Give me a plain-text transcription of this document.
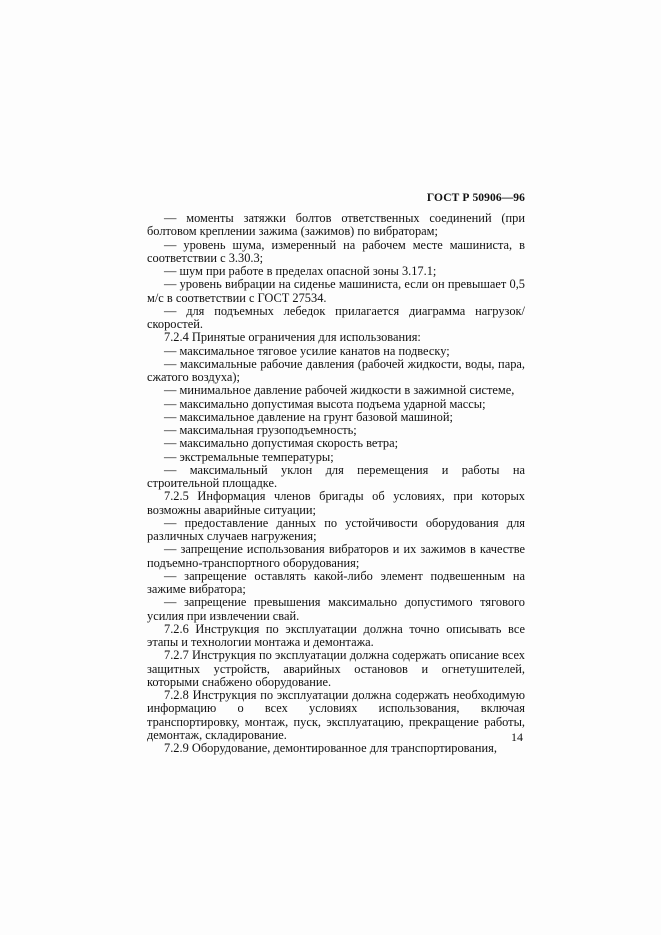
ГОСТ Р 50906—96

— моменты затяжки болтов ответственных соединений (при болтовом креплении зажима (зажимов) по вибраторам;

— уровень шума, измеренный на рабочем месте машиниста, в соответствии с 3.30.3;

— шум при работе в пределах опасной зоны 3.17.1;

— уровень вибрации на сиденье машиниста, если он превышает 0,5 м/с в соответствии с ГОСТ 27534.

— для подъемных лебедок прилагается диаграмма нагрузок/скоростей.

7.2.4 Принятые ограничения для использования:

— максимальное тяговое усилие канатов на подвеску;

— максимальные рабочие давления (рабочей жидкости, воды, пара, сжатого воздуха);

— минимальное давление рабочей жидкости в зажимной системе,

— максимально допустимая высота подъема ударной массы;

— максимальное давление на грунт базовой машиной;

— максимальная грузоподъемность;

— максимально допустимая скорость ветра;

— экстремальные температуры;

— максимальный уклон для перемещения и работы на строительной площадке.

7.2.5 Информация членов бригады об условиях, при которых возможны аварийные ситуации;

— предоставление данных по устойчивости оборудования для различных случаев нагружения;

— запрещение использования вибраторов и их зажимов в качестве подъемно-транспортного оборудования;

— запрещение оставлять какой-либо элемент подвешенным на зажиме вибратора;

— запрещение превышения максимально допустимого тягового усилия при извлечении свай.

7.2.6 Инструкция по эксплуатации должна точно описывать все этапы и технологии монтажа и демонтажа.

7.2.7 Инструкция по эксплуатации должна содержать описание всех защитных устройств, аварийных остановов и огнетушителей, которыми снабжено оборудование.

7.2.8 Инструкция по эксплуатации должна содержать необходимую информацию о всех условиях использования, включая транспортировку, монтаж, пуск, эксплуатацию, прекращение работы, демонтаж, складирование.

7.2.9 Оборудование, демонтированное для транспортирования,

14
